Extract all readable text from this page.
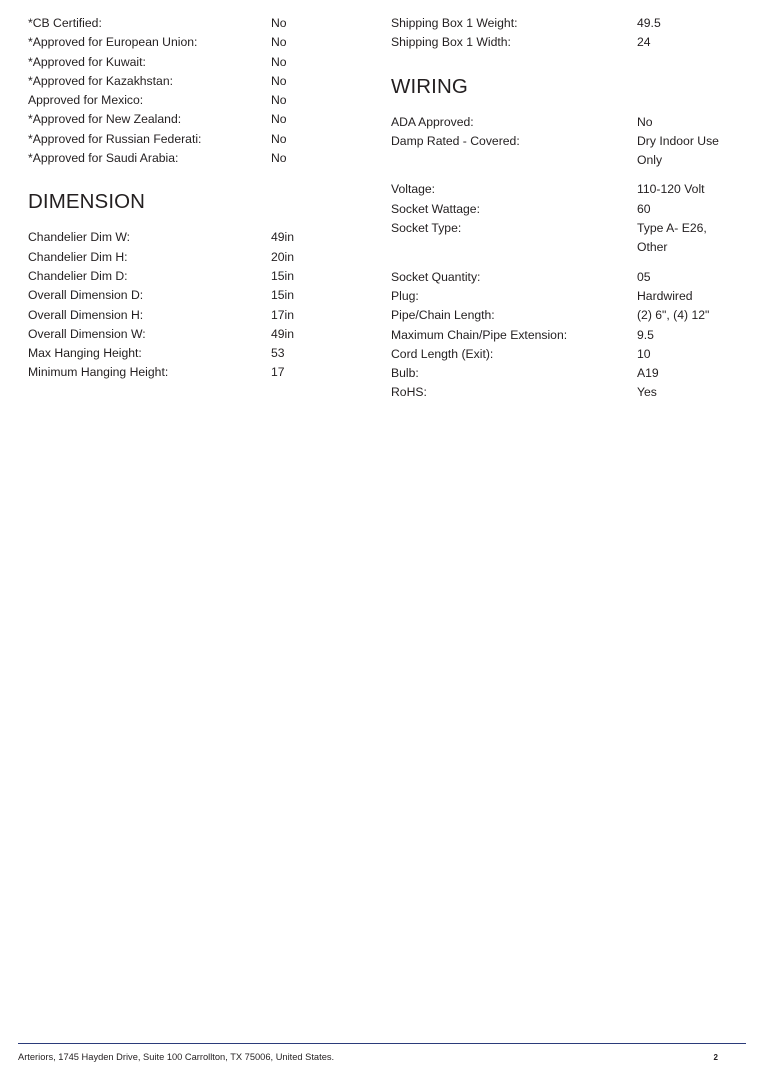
*CB Certified:	No
*Approved for European Union:	No
*Approved for Kuwait:	No
*Approved for Kazakhstan:	No
Approved for Mexico:	No
*Approved for New Zealand:	No
*Approved for Russian Federati:	No
*Approved for Saudi Arabia:	No
DIMENSION
Chandelier Dim W:	49in
Chandelier Dim H:	20in
Chandelier Dim D:	15in
Overall Dimension D:	15in
Overall Dimension H:	17in
Overall Dimension W:	49in
Max Hanging Height:	53
Minimum Hanging Height:	17
Shipping Box 1 Weight:	49.5
Shipping Box 1 Width:	24
WIRING
ADA Approved:	No
Damp Rated - Covered:	Dry Indoor Use Only
Voltage:	110-120 Volt
Socket Wattage:	60
Socket Type:	Type A- E26, Other
Socket Quantity:	05
Plug:	Hardwired
Pipe/Chain Length:	(2) 6", (4) 12"
Maximum Chain/Pipe Extension:	9.5
Cord Length (Exit):	10
Bulb:	A19
RoHS:	Yes
Arteriors, 1745 Hayden Drive, Suite 100 Carrollton, TX 75006, United States.	2
